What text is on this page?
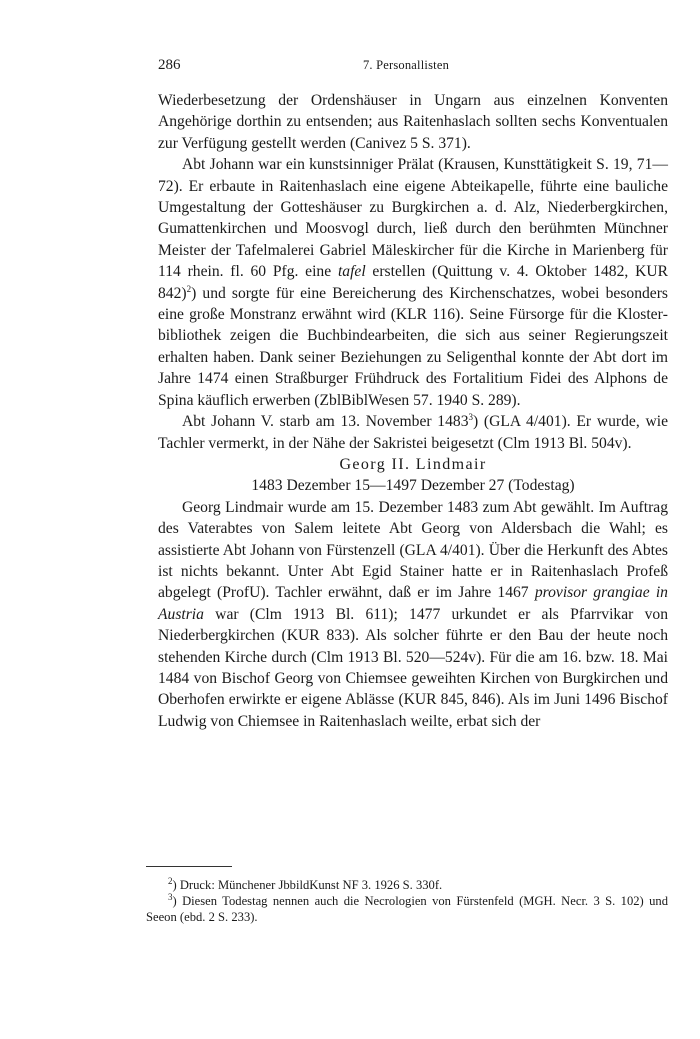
286	7. Personallisten

Wiederbesetzung der Ordenshäuser in Ungarn aus einzelnen Konventen Angehörige dorthin zu entsenden; aus Raitenhaslach sollten sechs Konventualen zur Verfügung gestellt werden (Canivez 5 S. 371).

Abt Johann war ein kunstsinniger Prälat (Krausen, Kunsttätigkeit S. 19, 71—72). Er erbaute in Raitenhaslach eine eigene Abteikapelle, führte eine bauliche Umgestaltung der Gotteshäuser zu Burgkirchen a. d. Alz, Niederbergkirchen, Gumattenkirchen und Moosvogl durch, ließ durch den berühmten Münchner Meister der Tafelmalerei Gabriel Mäleskircher für die Kirche in Marienberg für 114 rhein. fl. 60 Pfg. eine tafel erstellen (Quittung v. 4. Oktober 1482, KUR 842)$^2$) und sorgte für eine Bereicherung des Kirchenschatzes, wobei besonders eine große Monstranz erwähnt wird (KLR 116). Seine Fürsorge für die Klosterbibliothek zeigen die Buchbindearbeiten, die sich aus seiner Regierungszeit erhalten haben. Dank seiner Beziehungen zu Seligenthal konnte der Abt dort im Jahre 1474 einen Straßburger Frühdruck des Fortalitium Fidei des Alphons de Spina käuflich erwerben (ZblBiblWesen 57. 1940 S. 289).

Abt Johann V. starb am 13. November 1483$^3$) (GLA 4/401). Er wurde, wie Tachler vermerkt, in der Nähe der Sakristei beigesetzt (Clm 1913 Bl. 504v).

Georg II. Lindmair

1483 Dezember 15—1497 Dezember 27 (Todestag)

Georg Lindmair wurde am 15. Dezember 1483 zum Abt gewählt. Im Auftrag des Vaterabtes von Salem leitete Abt Georg von Aldersbach die Wahl; es assistierte Abt Johann von Fürstenzell (GLA 4/401). Über die Herkunft des Abtes ist nichts bekannt. Unter Abt Egid Stainer hatte er in Raitenhaslach Profeß abgelegt (ProfU). Tachler erwähnt, daß er im Jahre 1467 provisor grangiae in Austria war (Clm 1913 Bl. 611); 1477 urkundet er als Pfarrvikar von Niederbergkirchen (KUR 833). Als solcher führte er den Bau der heute noch stehenden Kirche durch (Clm 1913 Bl. 520—524v). Für die am 16. bzw. 18. Mai 1484 von Bischof Georg von Chiemsee geweihten Kirchen von Burgkirchen und Oberhofen erwirkte er eigene Ablässe (KUR 845, 846). Als im Juni 1496 Bischof Ludwig von Chiemsee in Raitenhaslach weilte, erbat sich der

$^2$) Druck: Münchener JbbildKunst NF 3. 1926 S. 330f.

$^3$) Diesen Todestag nennen auch die Necrologien von Fürstenfeld (MGH. Necr. 3 S. 102) und Seeon (ebd. 2 S. 233).
